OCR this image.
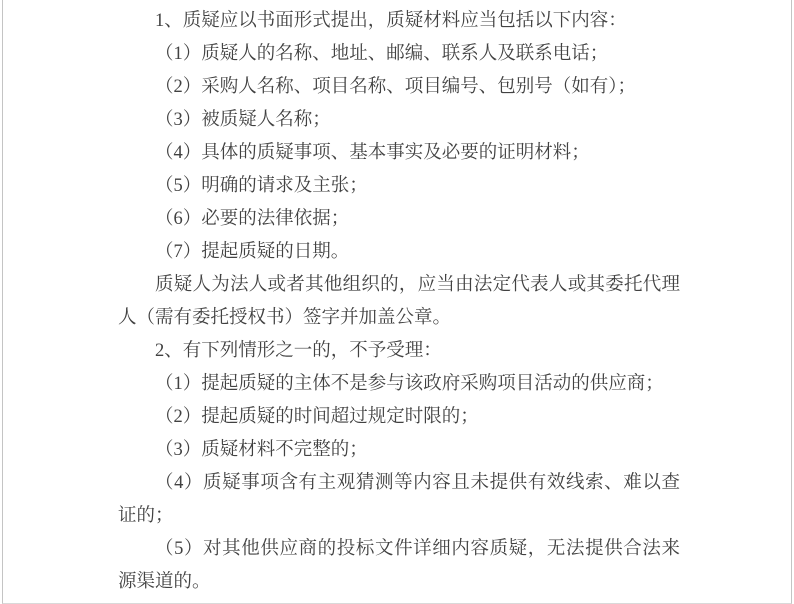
1、质疑应以书面形式提出，质疑材料应当包括以下内容：
（1）质疑人的名称、地址、邮编、联系人及联系电话；
（2）采购人名称、项目名称、项目编号、包别号（如有）；
（3）被质疑人名称；
（4）具体的质疑事项、基本事实及必要的证明材料；
（5）明确的请求及主张；
（6）必要的法律依据；
（7）提起质疑的日期。
质疑人为法人或者其他组织的，应当由法定代表人或其委托代理
人（需有委托授权书）签字并加盖公章。
2、有下列情形之一的，不予受理：
（1）提起质疑的主体不是参与该政府采购项目活动的供应商；
（2）提起质疑的时间超过规定时限的；
（3）质疑材料不完整的；
（4）质疑事项含有主观猜测等内容且未提供有效线索、难以查
证的；
（5）对其他供应商的投标文件详细内容质疑，无法提供合法来
源渠道的。
